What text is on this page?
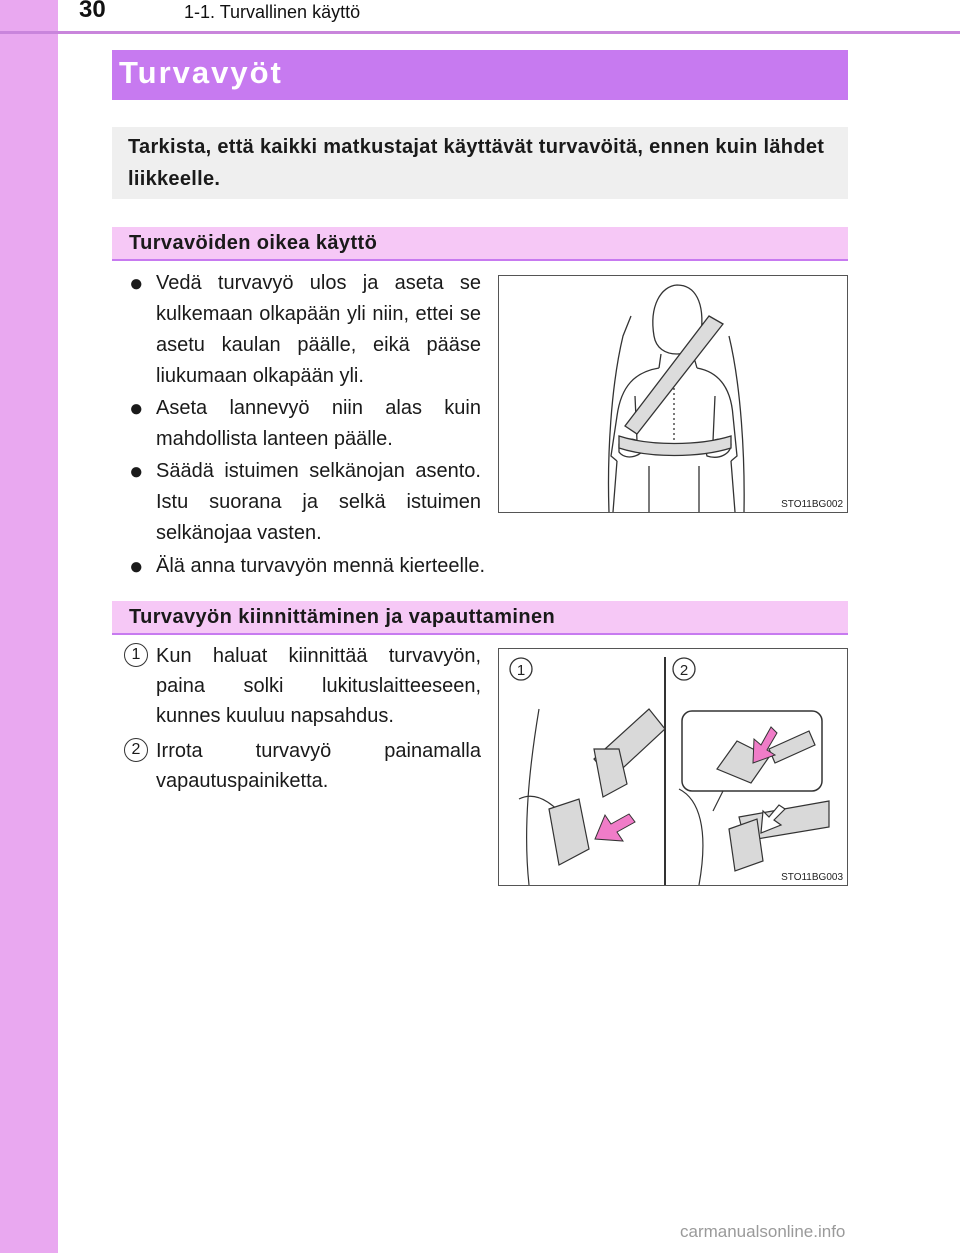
30	1-1. Turvallinen käyttö
Turvavyöt

Tarkista, että kaikki matkustajat käyttävät turvavöitä, ennen kuin lähdet liikkeelle.

Turvavöiden oikea käyttö
● Vedä turvavyö ulos ja aseta se kulkemaan olkapään yli niin, ettei se asetu kaulan päälle, eikä pääse liukumaan olkapään yli.
● Aseta lannevyö niin alas kuin mahdollista lanteen päälle.
● Säädä istuimen selkänojan asento. Istu suorana ja selkä istuimen selkänojaa vasten.
● Älä anna turvavyön mennä kierteelle.
STO11BG002
Turvavyön kiinnittäminen ja vapauttaminen
1 Kun haluat kiinnittää turvavyön, paina solki lukituslaitteeseen, kunnes kuuluu napsahdus.
2 Irrota turvavyö painamalla vapautuspainiketta.
1	2
STO11BG003
carmanualsonline.info
